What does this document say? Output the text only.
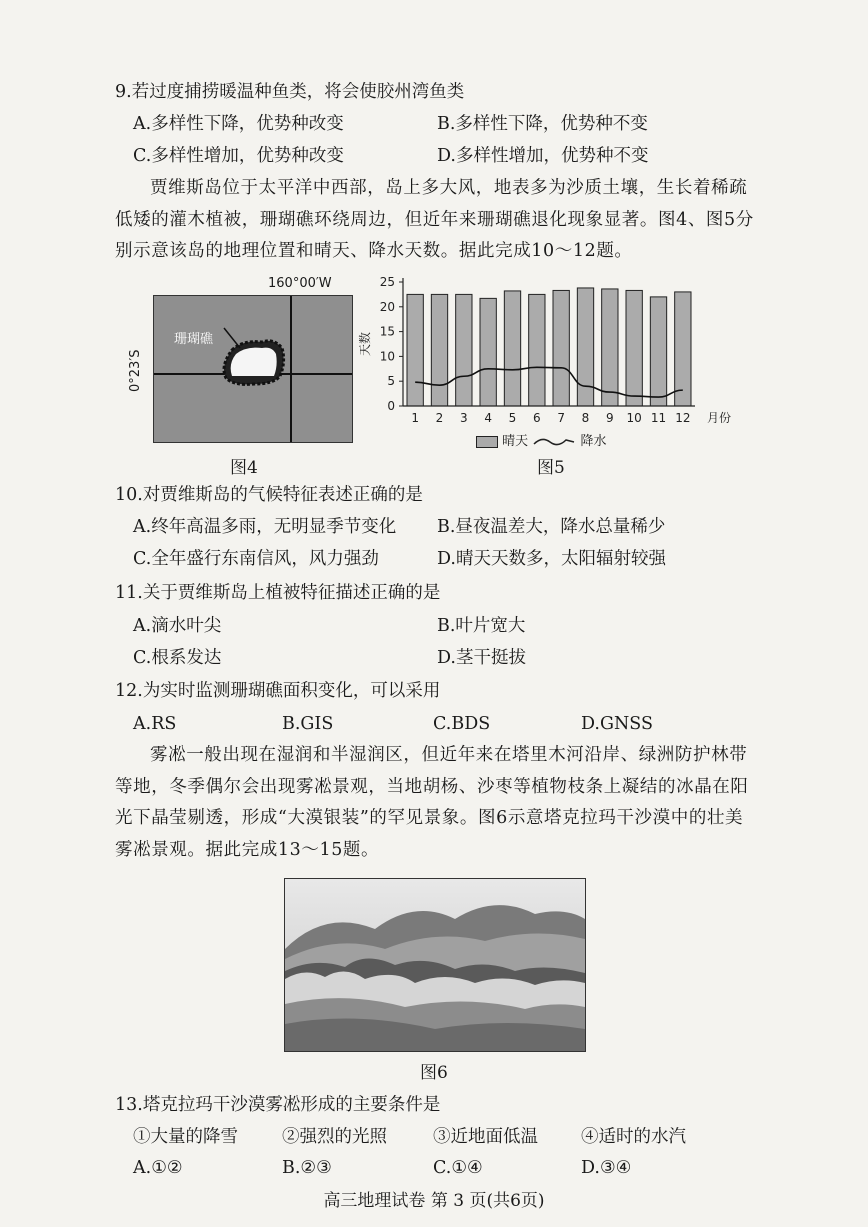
9.若过度捕捞暖温种鱼类，将会使胶州湾鱼类
A.多样性下降，优势种改变	B.多样性下降，优势种不变
C.多样性增加，优势种改变	D.多样性增加，优势种不变
贾维斯岛位于太平洋中西部，岛上多大风，地表多为沙质土壤，生长着稀疏低矮的灌木植被，珊瑚礁环绕周边，但近年来珊瑚礁退化现象显著。图4、图5分别示意该岛的地理位置和晴天、降水天数。据此完成10～12题。
160°00′W
0°23′S
珊瑚礁
图4
0
5
10
15
20
25
天数
1 2 3 4 5 6 7 8 9 10 11 12 月份
晴天	降水
图5
10.对贾维斯岛的气候特征表述正确的是
A.终年高温多雨，无明显季节变化 B.昼夜温差大，降水总量稀少
C.全年盛行东南信风，风力强劲	D.晴天天数多，太阳辐射较强
11.关于贾维斯岛上植被特征描述正确的是
A.滴水叶尖	B.叶片宽大
C.根系发达	D.茎干挺拔
12.为实时监测珊瑚礁面积变化，可以采用
A.RS	B.GIS	C.BDS	D.GNSS
雾凇一般出现在湿润和半湿润区，但近年来在塔里木河沿岸、绿洲防护林带等地，冬季偶尔会出现雾凇景观，当地胡杨、沙枣等植物枝条上凝结的冰晶在阳光下晶莹剔透，形成“大漠银装”的罕见景象。图6示意塔克拉玛干沙漠中的壮美雾凇景观。据此完成13～15题。
图6
13.塔克拉玛干沙漠雾凇形成的主要条件是
①大量的降雪	②强烈的光照	③近地面低温 ④适时的水汽
A.①②	B.②③	C.①④	D.③④
高三地理试卷 第 3 页(共6页)
